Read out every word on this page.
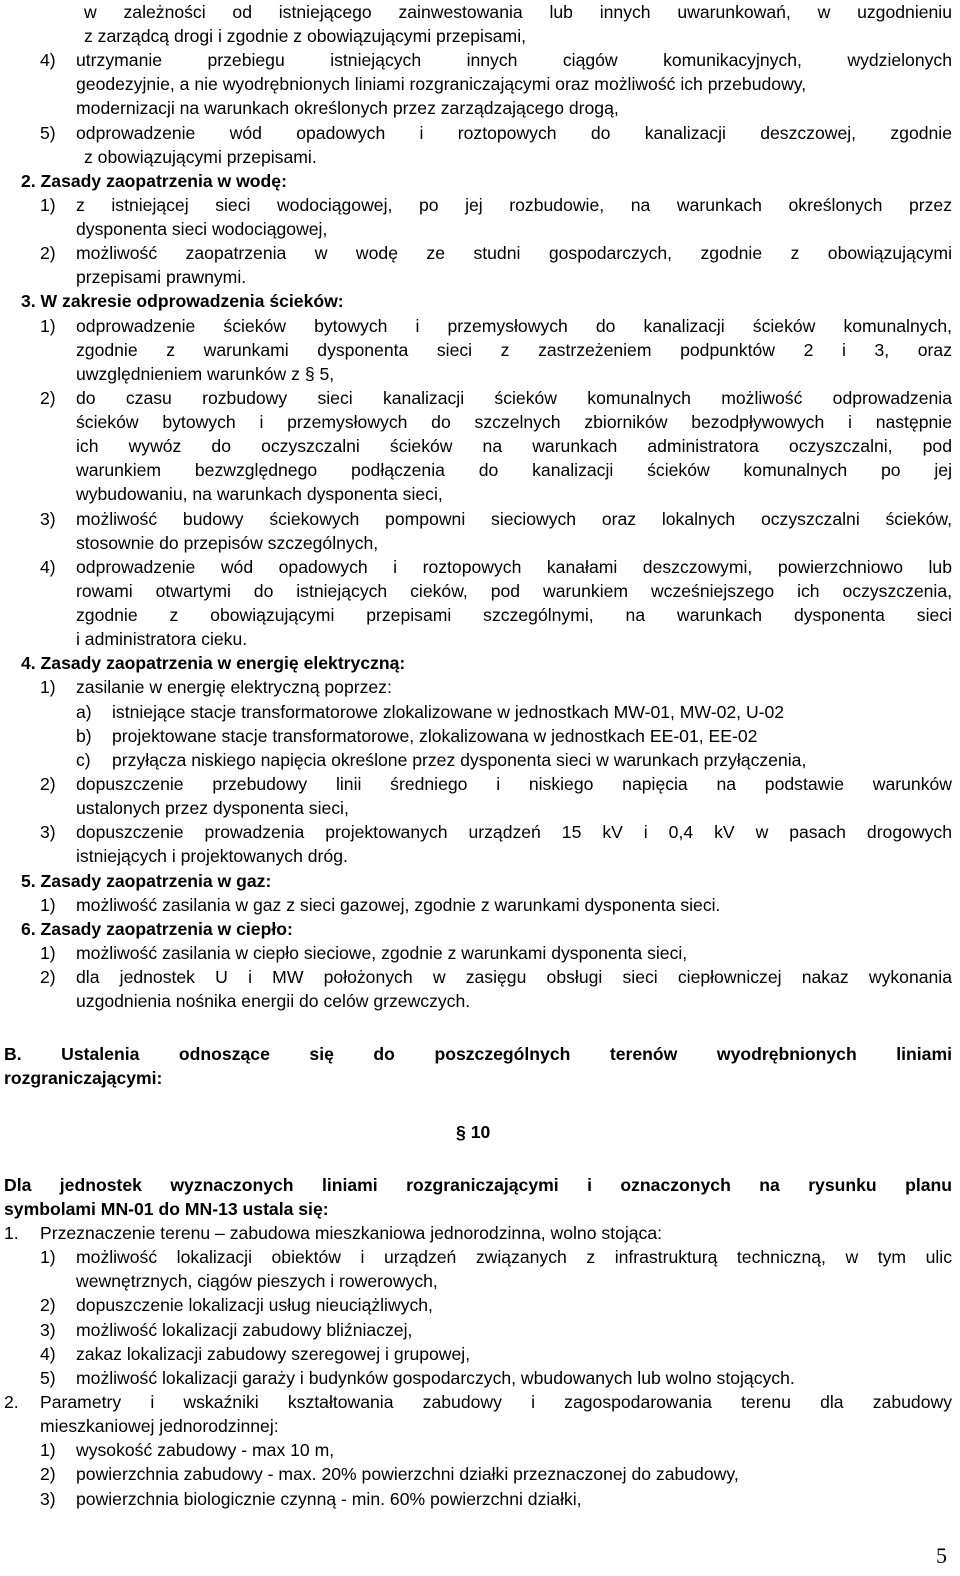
w zależności od istniejącego zainwestowania lub innych uwarunkowań, w uzgodnieniu
z zarządcą drogi i zgodnie z obowiązującymi przepisami,
4) utrzymanie przebiegu istniejących innych ciągów komunikacyjnych, wydzielonych
geodezyjnie, a nie wyodrębnionych liniami rozgraniczającymi oraz możliwość ich przebudowy,
modernizacji na warunkach określonych przez zarządzającego drogą,
5) odprowadzenie wód opadowych i roztopowych do kanalizacji deszczowej, zgodnie
z obowiązującymi przepisami.
2. Zasady zaopatrzenia w wodę:
1) z istniejącej sieci wodociągowej, po jej rozbudowie, na warunkach określonych przez
dysponenta sieci wodociągowej,
2) możliwość zaopatrzenia w wodę ze studni gospodarczych, zgodnie z obowiązującymi
przepisami prawnymi.
3. W zakresie odprowadzenia ścieków:
1) odprowadzenie ścieków bytowych i przemysłowych do kanalizacji ścieków komunalnych,
zgodnie z warunkami dysponenta sieci z zastrzeżeniem podpunktów 2 i 3, oraz
uwzględnieniem warunków z § 5,
2) do czasu rozbudowy sieci kanalizacji ścieków komunalnych możliwość odprowadzenia
ścieków bytowych i przemysłowych do szczelnych zbiorników bezodpływowych i następnie
ich wywóz do oczyszczalni ścieków na warunkach administratora oczyszczalni, pod
warunkiem bezwzględnego podłączenia do kanalizacji ścieków komunalnych po jej
wybudowaniu, na warunkach dysponenta sieci,
3) możliwość budowy ściekowych pompowni sieciowych oraz lokalnych oczyszczalni ścieków,
stosownie do przepisów szczególnych,
4) odprowadzenie wód opadowych i roztopowych kanałami deszczowymi, powierzchniowo lub
rowami otwartymi do istniejących cieków, pod warunkiem wcześniejszego ich oczyszczenia,
zgodnie z obowiązującymi przepisami szczególnymi, na warunkach dysponenta sieci
i administratora cieku.
4. Zasady zaopatrzenia w energię elektryczną:
1) zasilanie w energię elektryczną poprzez:
a) istniejące stacje transformatorowe zlokalizowane w jednostkach MW-01, MW-02, U-02
b) projektowane stacje transformatorowe, zlokalizowana w jednostkach EE-01, EE-02
c) przyłącza niskiego napięcia określone przez dysponenta sieci w warunkach przyłączenia,
2) dopuszczenie przebudowy linii średniego i niskiego napięcia na podstawie warunków
ustalonych przez dysponenta sieci,
3) dopuszczenie prowadzenia projektowanych urządzeń 15 kV i 0,4 kV w pasach drogowych
istniejących i projektowanych dróg.
5. Zasady zaopatrzenia w gaz:
1) możliwość zasilania w gaz z sieci gazowej, zgodnie z warunkami dysponenta sieci.
6. Zasady zaopatrzenia w ciepło:
1) możliwość zasilania w ciepło sieciowe, zgodnie z warunkami dysponenta sieci,
2) dla jednostek U i MW położonych w zasięgu obsługi sieci ciepłowniczej nakaz wykonania
uzgodnienia nośnika energii do celów grzewczych.
B. Ustalenia odnoszące się do poszczególnych terenów wyodrębnionych liniami
rozgraniczającymi:
§ 10
Dla jednostek wyznaczonych liniami rozgraniczającymi i oznaczonych na rysunku planu
symbolami MN-01 do MN-13 ustala się:
1. Przeznaczenie terenu – zabudowa mieszkaniowa jednorodzinna, wolno stojąca:
1) możliwość lokalizacji obiektów i urządzeń związanych z infrastrukturą techniczną, w tym ulic
wewnętrznych, ciągów pieszych i rowerowych,
2) dopuszczenie lokalizacji usług nieuciążliwych,
3) możliwość lokalizacji zabudowy bliźniaczej,
4) zakaz lokalizacji zabudowy szeregowej i grupowej,
5) możliwość lokalizacji garaży i budynków gospodarczych, wbudowanych lub wolno stojących.
2. Parametry i wskaźniki kształtowania zabudowy i zagospodarowania terenu dla zabudowy
mieszkaniowej jednorodzinnej:
1) wysokość zabudowy - max 10 m,
2) powierzchnia zabudowy - max. 20% powierzchni działki przeznaczonej do zabudowy,
3) powierzchnia biologicznie czynną - min. 60% powierzchni działki,
5
